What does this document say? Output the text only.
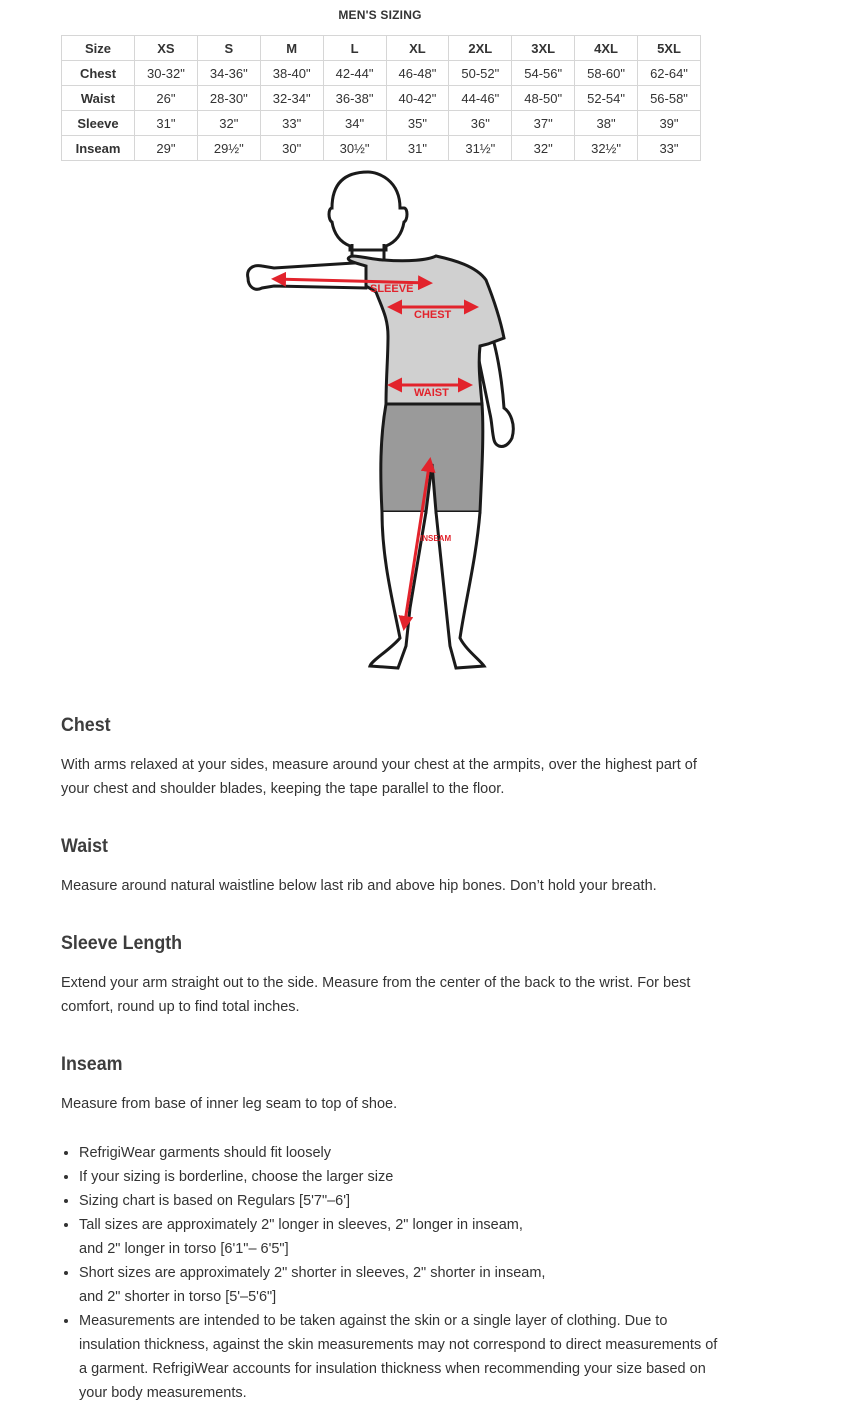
MEN'S SIZING
Size	XS	S	M	L	XL	2XL	3XL	4XL	5XL
Chest	30-32"	34-36"	38-40"	42-44"	46-48"	50-52"	54-56"	58-60"	62-64"
Waist	26"	28-30"	32-34"	36-38"	40-42"	44-46"	48-50"	52-54"	56-58"
Sleeve	31"	32"	33"	34"	35"	36"	37"	38"	39"
Inseam	29"	29½"	30"	30½"	31"	31½"	32"	32½"	33"
SLEEVE
CHEST
WAIST
INSEAM
Chest

With arms relaxed at your sides, measure around your chest at the armpits, over the highest part of your chest and shoulder blades, keeping the tape parallel to the floor.

Waist

Measure around natural waistline below last rib and above hip bones. Don’t hold your breath.

Sleeve Length

Extend your arm straight out to the side. Measure from the center of the back to the wrist. For best comfort, round up to find total inches.

Inseam

Measure from base of inner leg seam to top of shoe.

• RefrigiWear garments should fit loosely
• If your sizing is borderline, choose the larger size
• Sizing chart is based on Regulars [5'7"–6']
• Tall sizes are approximately 2" longer in sleeves, 2" longer in inseam, and 2" longer in torso [6'1"– 6'5"]
• Short sizes are approximately 2" shorter in sleeves, 2" shorter in inseam, and 2" shorter in torso [5'–5'6"]
• Measurements are intended to be taken against the skin or a single layer of clothing. Due to insulation thickness, against the skin measurements may not correspond to direct measurements of a garment. RefrigiWear accounts for insulation thickness when recommending your size based on your body measurements.
